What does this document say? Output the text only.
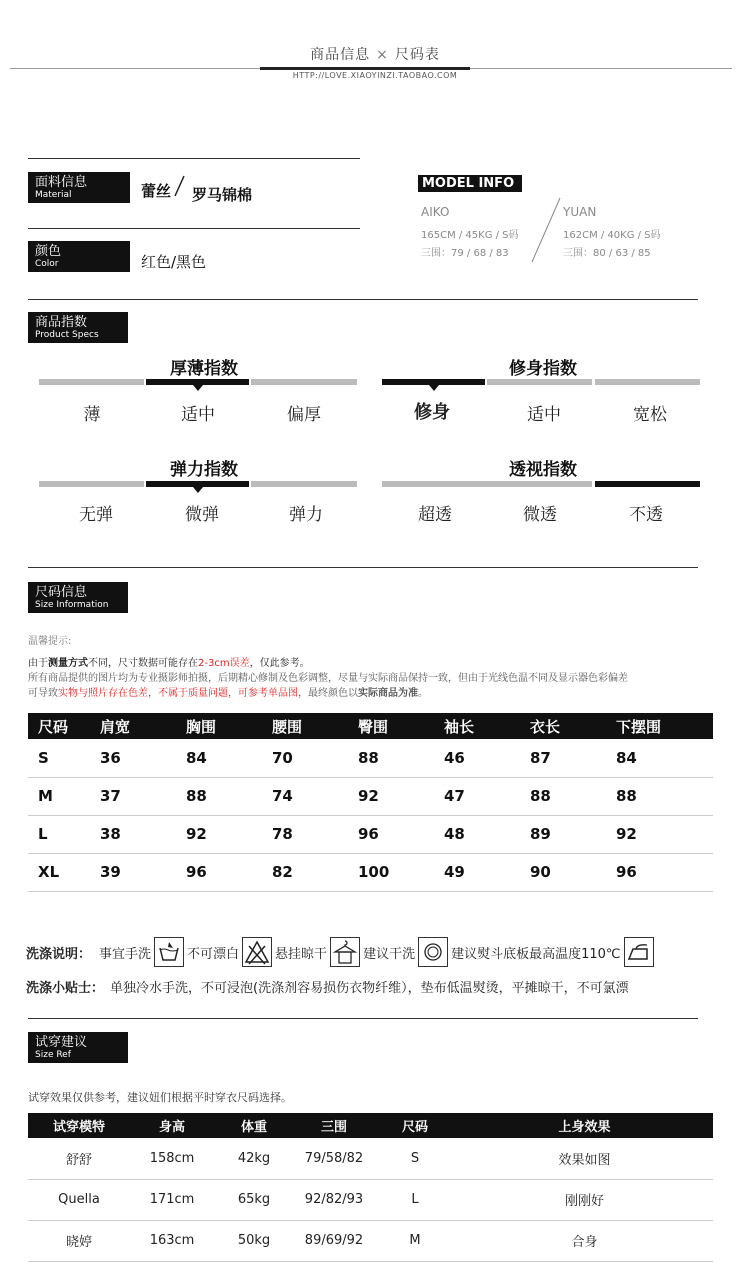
商品信息 × 尺码表
HTTP://LOVE.XIAOYINZI.TAOBAO.COM
面料信息
Material	蕾丝 罗马锦棉
颜色
Color	红色/黑色
MODEL INFO
AIKO
165CM / 45KG / S码
三围：79 / 68 / 83
YUAN
162CM / 40KG / S码
三围：80 / 63 / 85
商品指数
Product Specs
厚薄指数
薄	适中	偏厚
修身指数
修身	适中	宽松
弹力指数
无弹	微弹	弹力
透视指数
超透	微透	不透
尺码信息
Size Information
温馨提示:
由于测量方式不同，尺寸数据可能存在2-3cm误差，仅此参考。
所有商品提供的图片均为专业摄影师拍摄，后期精心修制及色彩调整，尽量与实际商品保持一致，但由于光线色温不同及显示器色彩偏差
可导致实物与照片存在色差，不属于质量问题，可参考单品图，最终颜色以实际商品为准。
尺码	肩宽	胸围	腰围	臀围	袖长	衣长	下摆围
S	36	84	70	88	46	87	84
M	37	88	74	92	47	88	88
L	38	92	78	96	48	89	92
XL	39	96	82	100	49	90	96
洗涤说明： 事宜手洗	不可漂白	悬挂晾干	建议干洗	建议熨斗底板最高温度110℃
洗涤小贴士： 单独冷水手洗，不可浸泡(洗涤剂容易损伤衣物纤维），垫布低温熨烫，平摊晾干，不可氯漂
试穿建议
Size Ref
试穿效果仅供参考，建议妞们根据平时穿衣尺码选择。
试穿模特	身高	体重	三围	尺码	上身效果
舒舒	158cm	42kg	79/58/82	S	效果如图
Quella	171cm	65kg	92/82/93	L	刚刚好
晓婷	163cm	50kg	89/69/92	M	合身
